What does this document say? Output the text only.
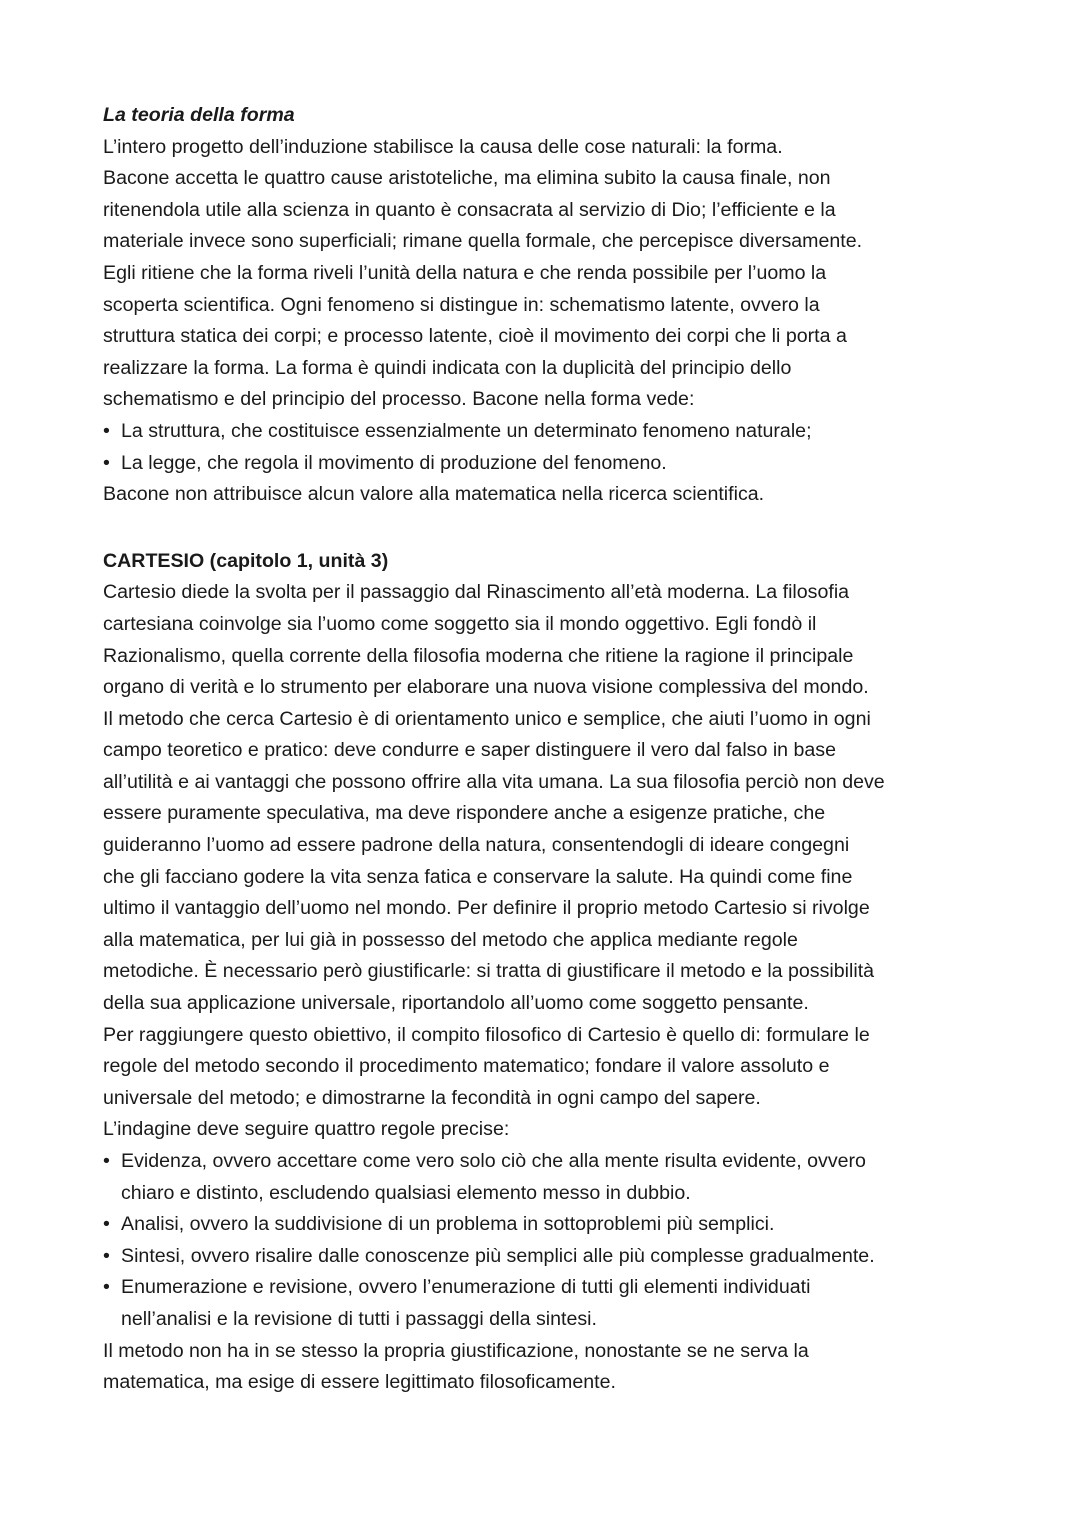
La teoria della forma
L’intero progetto dell’induzione stabilisce la causa delle cose naturali: la forma.
Bacone accetta le quattro cause aristoteliche, ma elimina subito la causa finale, non
ritenendola utile alla scienza in quanto è consacrata al servizio di Dio; l’efficiente e la
materiale invece sono superficiali; rimane quella formale, che percepisce diversamente.
Egli ritiene che la forma riveli l’unità della natura e che renda possibile per l’uomo la
scoperta scientifica. Ogni fenomeno si distingue in: schematismo latente, ovvero la
struttura statica dei corpi; e processo latente, cioè il movimento dei corpi che li porta a
realizzare la forma. La forma è quindi indicata con la duplicità del principio dello
schematismo e del principio del processo. Bacone nella forma vede:
• La struttura, che costituisce essenzialmente un determinato fenomeno naturale;
• La legge, che regola il movimento di produzione del fenomeno.
Bacone non attribuisce alcun valore alla matematica nella ricerca scientifica.
CARTESIO (capitolo 1, unità 3)
Cartesio diede la svolta per il passaggio dal Rinascimento all’età moderna. La filosofia
cartesiana coinvolge sia l’uomo come soggetto sia il mondo oggettivo. Egli fondò il
Razionalismo, quella corrente della filosofia moderna che ritiene la ragione il principale
organo di verità e lo strumento per elaborare una nuova visione complessiva del mondo.
Il metodo che cerca Cartesio è di orientamento unico e semplice, che aiuti l’uomo in ogni
campo teoretico e pratico: deve condurre e saper distinguere il vero dal falso in base
all’utilità e ai vantaggi che possono offrire alla vita umana. La sua filosofia perciò non deve
essere puramente speculativa, ma deve rispondere anche a esigenze pratiche, che
guideranno l’uomo ad essere padrone della natura, consentendogli di ideare congegni
che gli facciano godere la vita senza fatica e conservare la salute. Ha quindi come fine
ultimo il vantaggio dell’uomo nel mondo. Per definire il proprio metodo Cartesio si rivolge
alla matematica, per lui già in possesso del metodo che applica mediante regole
metodiche. È necessario però giustificarle: si tratta di giustificare il metodo e la possibilità
della sua applicazione universale, riportandolo all’uomo come soggetto pensante.
Per raggiungere questo obiettivo, il compito filosofico di Cartesio è quello di: formulare le
regole del metodo secondo il procedimento matematico; fondare il valore assoluto e
universale del metodo; e dimostrarne la fecondità in ogni campo del sapere.
L’indagine deve seguire quattro regole precise:
• Evidenza, ovvero accettare come vero solo ciò che alla mente risulta evidente, ovvero
chiaro e distinto, escludendo qualsiasi elemento messo in dubbio.
• Analisi, ovvero la suddivisione di un problema in sottoproblemi più semplici.
• Sintesi, ovvero risalire dalle conoscenze più semplici alle più complesse gradualmente.
• Enumerazione e revisione, ovvero l’enumerazione di tutti gli elementi individuati
nell’analisi e la revisione di tutti i passaggi della sintesi.
Il metodo non ha in se stesso la propria giustificazione, nonostante se ne serva la
matematica, ma esige di essere legittimato filosoficamente.
